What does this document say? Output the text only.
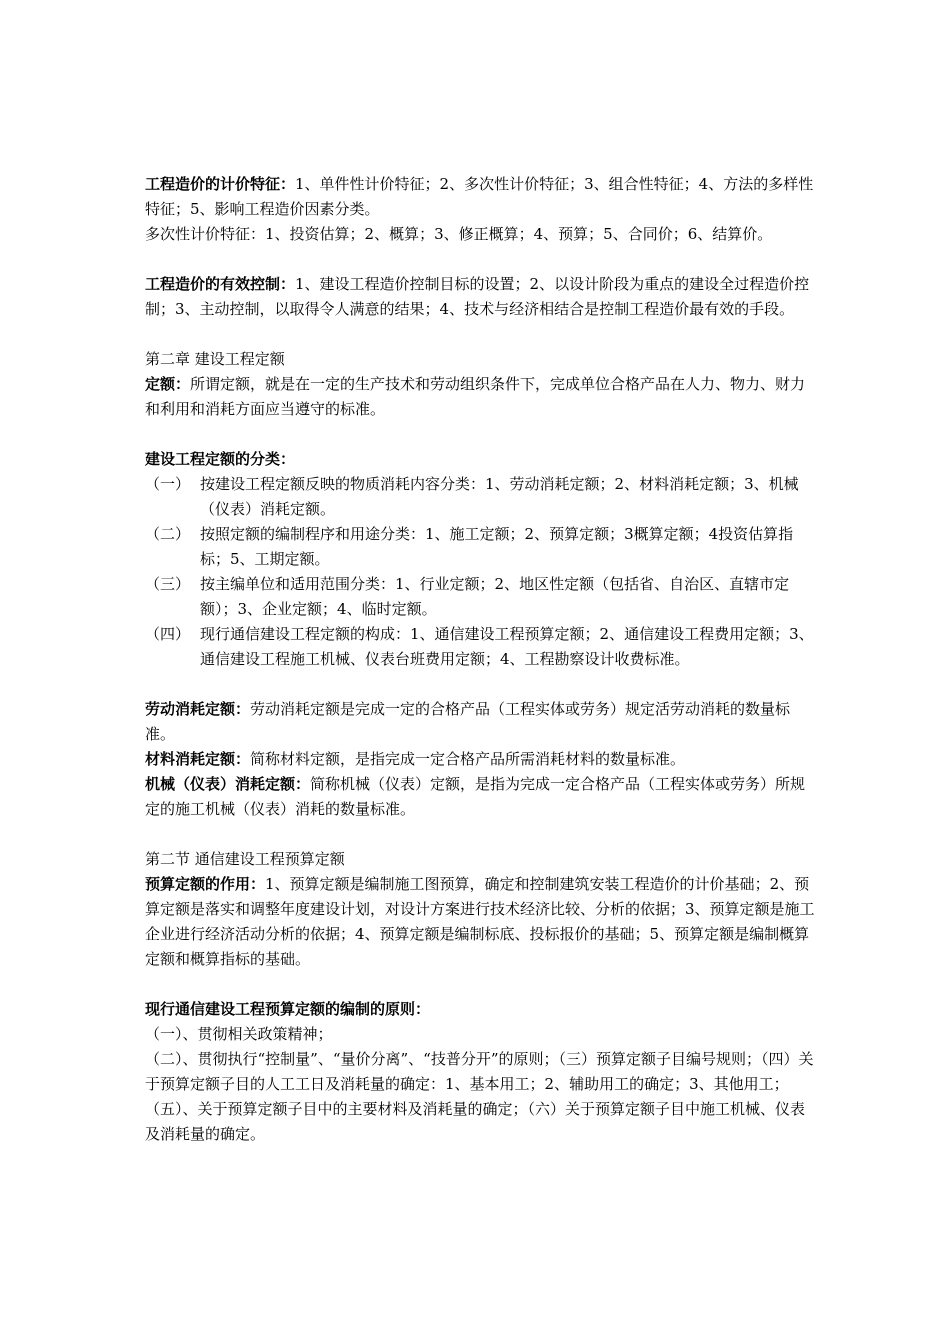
工程造价的计价特征：1、单件性计价特征；2、多次性计价特征；3、组合性特征；4、方法的多样性特征；5、影响工程造价因素分类。

多次性计价特征：1、投资估算；2、概算；3、修正概算；4、预算；5、合同价；6、结算价。

工程造价的有效控制：1、建设工程造价控制目标的设置；2、以设计阶段为重点的建设全过程造价控制；3、主动控制，以取得令人满意的结果；4、技术与经济相结合是控制工程造价最有效的手段。

第二章 建设工程定额

定额：所谓定额，就是在一定的生产技术和劳动组织条件下，完成单位合格产品在人力、物力、财力和利用和消耗方面应当遵守的标准。

建设工程定额的分类：

（一） 按建设工程定额反映的物质消耗内容分类：1、劳动消耗定额；2、材料消耗定额；3、机械（仪表）消耗定额。
（二） 按照定额的编制程序和用途分类：1、施工定额；2、预算定额；3概算定额；4投资估算指标；5、工期定额。
（三） 按主编单位和适用范围分类：1、行业定额；2、地区性定额（包括省、自治区、直辖市定额）；3、企业定额；4、临时定额。
（四） 现行通信建设工程定额的构成：1、通信建设工程预算定额；2、通信建设工程费用定额；3、通信建设工程施工机械、仪表台班费用定额；4、工程勘察设计收费标准。

劳动消耗定额：劳动消耗定额是完成一定的合格产品（工程实体或劳务）规定活劳动消耗的数量标准。

材料消耗定额：简称材料定额，是指完成一定合格产品所需消耗材料的数量标准。

机械（仪表）消耗定额：简称机械（仪表）定额，是指为完成一定合格产品（工程实体或劳务）所规定的施工机械（仪表）消耗的数量标准。

第二节 通信建设工程预算定额

预算定额的作用：1、预算定额是编制施工图预算，确定和控制建筑安装工程造价的计价基础；2、预算定额是落实和调整年度建设计划，对设计方案进行技术经济比较、分析的依据；3、预算定额是施工企业进行经济活动分析的依据；4、预算定额是编制标底、投标报价的基础；5、预算定额是编制概算定额和概算指标的基础。

现行通信建设工程预算定额的编制的原则：

（一）、贯彻相关政策精神；

（二）、贯彻执行“控制量”、“量价分离”、“技普分开”的原则；（三）预算定额子目编号规则；（四）关于预算定额子目的人工工日及消耗量的确定：1、基本用工；2、辅助用工的确定；3、其他用工；（五）、关于预算定额子目中的主要材料及消耗量的确定；（六）关于预算定额子目中施工机械、仪表及消耗量的确定。
